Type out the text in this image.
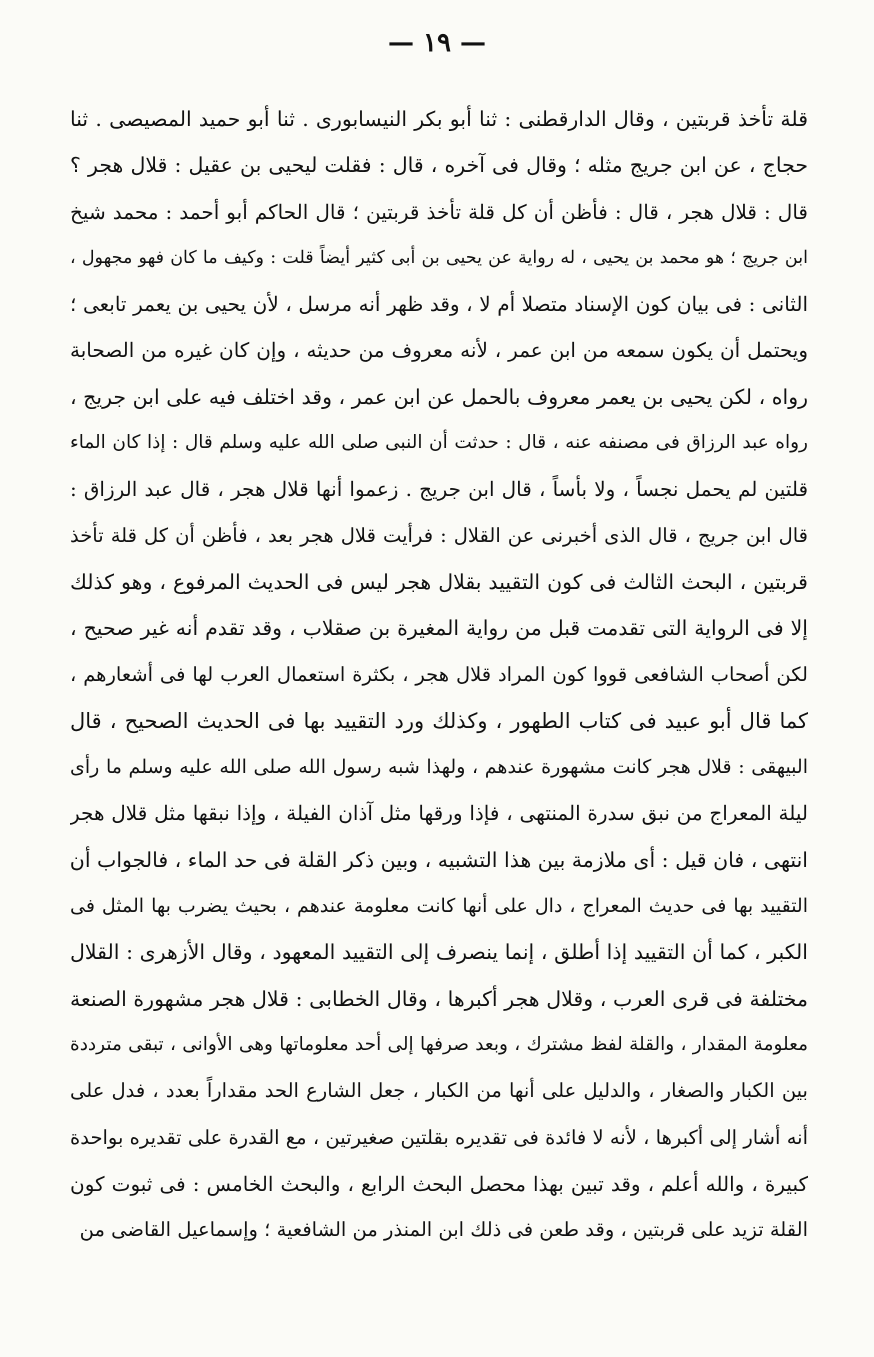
— ١٩ —
قلة تأخذ قربتين ، وقال الدارقطنى : ثنا أبو بكر النيسابورى . ثنا أبو حميد المصيصى . ثنا
حجاج ، عن ابن جريج مثله ؛ وقال فى آخره ، قال : فقلت ليحيى بن عقيل : قلال هجر ؟
قال : قلال هجر ، قال : فأظن أن كل قلة تأخذ قربتين ؛ قال الحاكم أبو أحمد : محمد شيخ
ابن جريج ؛ هو محمد بن يحيى ، له رواية عن يحيى بن أبى كثير أيضاً قلت : وكيف ما كان فهو مجهول ،
الثانى : فى بيان كون الإسناد متصلا أم لا ، وقد ظهر أنه مرسل ، لأن يحيى بن يعمر تابعى ؛
ويحتمل أن يكون سمعه من ابن عمر ، لأنه معروف من حديثه ، وإن كان غيره من الصحابة
رواه ، لكن يحيى بن يعمر معروف بالحمل عن ابن عمر ، وقد اختلف فيه على ابن جريج ،
رواه عبد الرزاق فى مصنفه عنه ، قال : حدثت أن النبى صلى الله عليه وسلم قال : إذا كان الماء
قلتين لم يحمل نجساً ، ولا بأساً ، قال ابن جريج . زعموا أنها قلال هجر ، قال عبد الرزاق :
قال ابن جريج ، قال الذى أخبرنى عن القلال : فرأيت قلال هجر بعد ، فأظن أن كل قلة تأخذ
قربتين ، البحث الثالث فى كون التقييد بقلال هجر ليس فى الحديث المرفوع ، وهو كذلك
إلا فى الرواية التى تقدمت قبل من رواية المغيرة بن صقلاب ، وقد تقدم أنه غير صحيح ،
لكن أصحاب الشافعى قووا كون المراد قلال هجر ، بكثرة استعمال العرب لها فى أشعارهم ،
كما قال أبو عبيد فى كتاب الطهور ، وكذلك ورد التقييد بها فى الحديث الصحيح ، قال
البيهقى : قلال هجر كانت مشهورة عندهم ، ولهذا شبه رسول الله صلى الله عليه وسلم ما رأى
ليلة المعراج من نبق سدرة المنتهى ، فإذا ورقها مثل آذان الفيلة ، وإذا نبقها مثل قلال هجر
انتهى ، فان قيل : أى ملازمة بين هذا التشبيه ، وبين ذكر القلة فى حد الماء ، فالجواب أن
التقييد بها فى حديث المعراج ، دال على أنها كانت معلومة عندهم ، بحيث يضرب بها المثل فى
الكبر ، كما أن التقييد إذا أطلق ، إنما ينصرف إلى التقييد المعهود ، وقال الأزهرى : القلال
مختلفة فى قرى العرب ، وقلال هجر أكبرها ، وقال الخطابى : قلال هجر مشهورة الصنعة
معلومة المقدار ، والقلة لفظ مشترك ، وبعد صرفها إلى أحد معلوماتها وهى الأوانى ، تبقى مترددة
بين الكبار والصغار ، والدليل على أنها من الكبار ، جعل الشارع الحد مقداراً بعدد ، فدل على
أنه أشار إلى أكبرها ، لأنه لا فائدة فى تقديره بقلتين صغيرتين ، مع القدرة على تقديره بواحدة
كبيرة ، والله أعلم ، وقد تبين بهذا محصل البحث الرابع ، والبحث الخامس : فى ثبوت كون
القلة تزيد على قربتين ، وقد طعن فى ذلك ابن المنذر من الشافعية ؛ وإسماعيل القاضى من
